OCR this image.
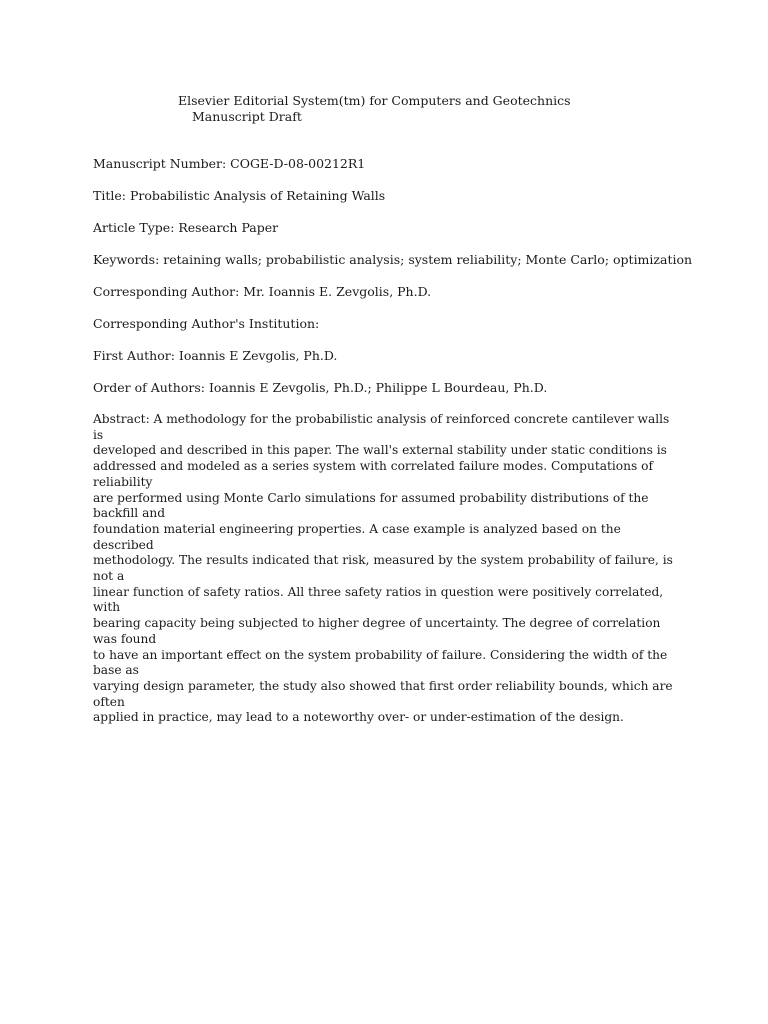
Elsevier Editorial System(tm) for Computers and Geotechnics
Manuscript Draft
Manuscript Number: COGE-D-08-00212R1
Title: Probabilistic Analysis of Retaining Walls
Article Type: Research Paper
Keywords: retaining walls; probabilistic analysis; system reliability; Monte Carlo; optimization
Corresponding Author: Mr. Ioannis E. Zevgolis, Ph.D.
Corresponding Author's Institution:
First Author: Ioannis E Zevgolis, Ph.D.
Order of Authors: Ioannis E Zevgolis, Ph.D.; Philippe L Bourdeau, Ph.D.
Abstract: A methodology for the probabilistic analysis of reinforced concrete cantilever walls is
developed and described in this paper. The wall's external stability under static conditions is
addressed and modeled as a series system with correlated failure modes. Computations of reliability
are performed using Monte Carlo simulations for assumed probability distributions of the backfill and
foundation material engineering properties. A case example is analyzed based on the described
methodology. The results indicated that risk, measured by the system probability of failure, is not a
linear function of safety ratios. All three safety ratios in question were positively correlated, with
bearing capacity being subjected to higher degree of uncertainty. The degree of correlation was found
to have an important effect on the system probability of failure. Considering the width of the base as
varying design parameter, the study also showed that first order reliability bounds, which are often
applied in practice, may lead to a noteworthy over- or under-estimation of the design.
